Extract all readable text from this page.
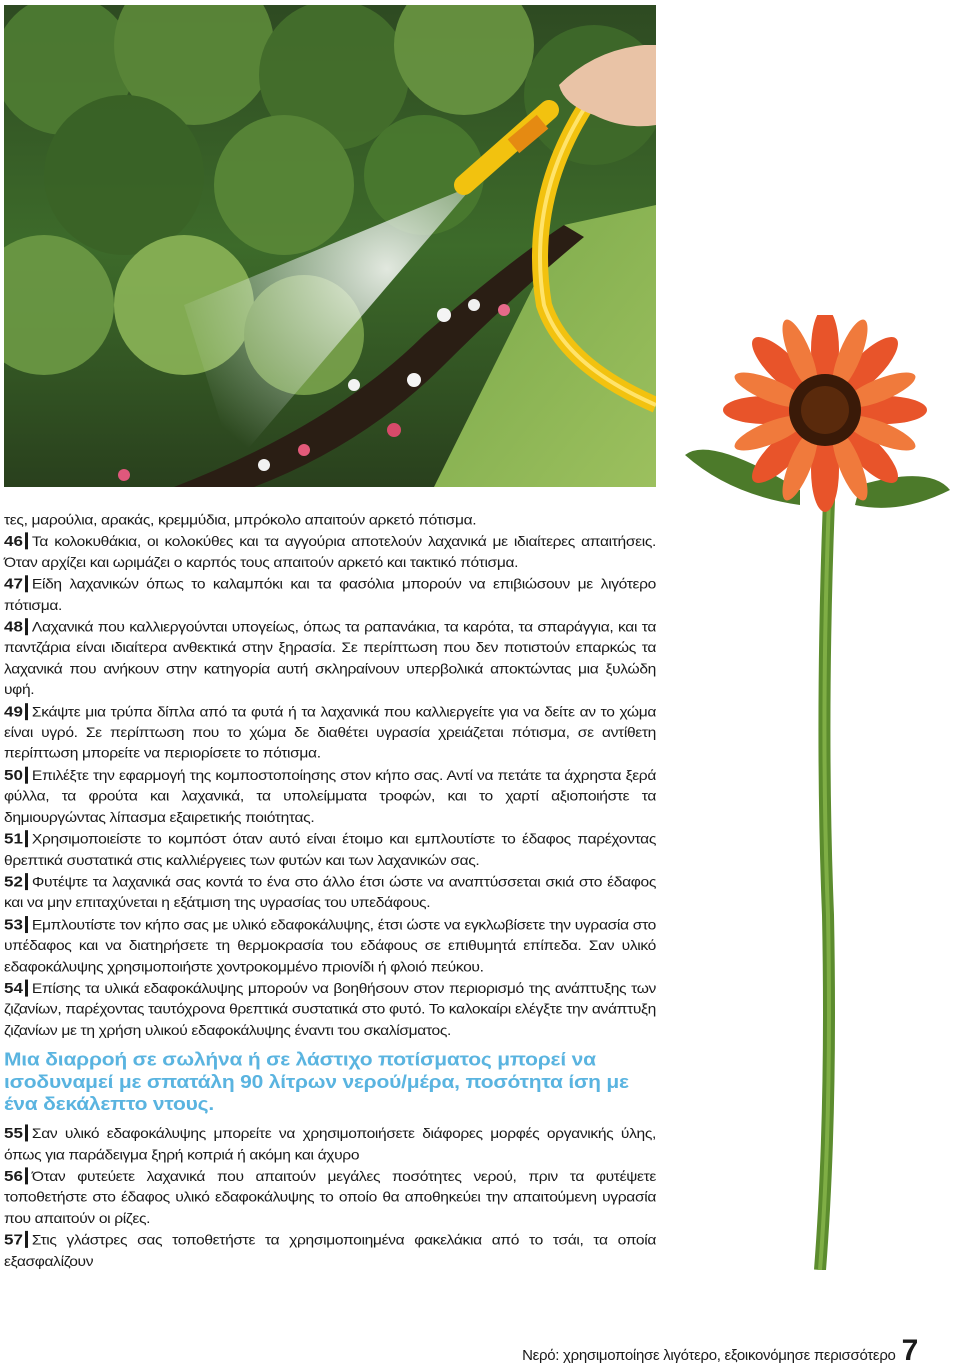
τες, μαρούλια, αρακάς, κρεμμύδια, μπρόκολο απαιτούν αρκετό πότισμα.

46 Τα κολοκυθάκια, οι κολοκύθες και τα αγγούρια αποτελούν λαχανικά με ιδιαίτερες απαιτήσεις. Όταν αρχίζει και ωριμάζει ο καρπός τους απαιτούν αρκετό και τακτικό πότισμα.

47 Είδη λαχανικών όπως το καλαμπόκι και τα φασόλια μπορούν να επιβιώσουν με λιγότερο πότισμα.

48 Λαχανικά που καλλιεργούνται υπογείως, όπως τα ραπανάκια, τα καρότα, τα σπαράγγια, και τα παντζάρια είναι ιδιαίτερα ανθεκτικά στην ξηρασία. Σε περίπτωση που δεν ποτιστούν επαρκώς τα λαχανικά που ανήκουν στην κατηγορία αυτή σκληραίνουν υπερβολικά αποκτώντας μια ξυλώδη υφή.

49 Σκάψτε μια τρύπα δίπλα από τα φυτά ή τα λαχανικά που καλλιεργείτε για να δείτε αν το χώμα είναι υγρό. Σε περίπτωση που το χώμα δε διαθέτει υγρασία χρειάζεται πότισμα, σε αντίθετη περίπτωση μπορείτε να περιορίσετε το πότισμα.

50 Επιλέξτε την εφαρμογή της κομποστοποίησης στον κήπο σας. Αντί να πετάτε τα άχρηστα ξερά φύλλα, τα φρούτα και λαχανικά, τα υπολείμματα τροφών, και το χαρτί αξιοποιήστε τα δημιουργώντας λίπασμα εξαιρετικής ποιότητας.

51 Χρησιμοποιείστε το κομπόστ όταν αυτό είναι έτοιμο και εμπλουτίστε το έδαφος παρέχοντας θρεπτικά συστατικά στις καλλιέργειες των φυτών και των λαχανικών σας.

52 Φυτέψτε τα λαχανικά σας κοντά το ένα στο άλλο έτσι ώστε να αναπτύσσεται σκιά στο έδαφος και να μην επιταχύνεται η εξάτμιση της υγρασίας του υπεδάφους.

53 Εμπλουτίστε τον κήπο σας με υλικό εδαφοκάλυψης, έτσι ώστε να εγκλωβίσετε την υγρασία στο υπέδαφος και να διατηρήσετε τη θερμοκρασία του εδάφους σε επιθυμητά επίπεδα. Σαν υλικό εδαφοκάλυψης χρησιμοποιήστε χοντροκομμένο πριονίδι ή φλοιό πεύκου.

54 Επίσης τα υλικά εδαφοκάλυψης μπορούν να βοηθήσουν στον περιορισμό της ανάπτυξης των ζιζανίων, παρέχοντας ταυτόχρονα θρεπτικά συστατικά στο φυτό. Το καλοκαίρι ελέγξτε την ανάπτυξη ζιζανίων με τη χρήση υλικού εδαφοκάλυψης έναντι του σκαλίσματος.

Μια διαρροή σε σωλήνα ή σε λάστιχο ποτίσματος μπορεί να ισοδυναμεί με σπατάλη 90 λίτρων νερού/μέρα, ποσότητα ίση με ένα δεκάλεπτο ντους.

55 Σαν υλικό εδαφοκάλυψης μπορείτε να χρησιμοποιήσετε διάφορες μορφές οργανικής ύλης, όπως για παράδειγμα ξηρή κοπριά ή ακόμη και άχυρο

56 Όταν φυτεύετε λαχανικά που απαιτούν μεγάλες ποσότητες νερού, πριν τα φυτέψετε τοποθετήστε στο έδαφος υλικό εδαφοκάλυψης το οποίο θα αποθηκεύει την απαιτούμενη υγρασία που απαιτούν οι ρίζες.

57 Στις γλάστρες σας τοποθετήστε τα χρησιμοποιημένα φακελάκια από το τσάι, τα οποία εξασφαλίζουν

Νερό: χρησιμοποίησε λιγότερο, εξοικονόμησε περισσότερο 7
